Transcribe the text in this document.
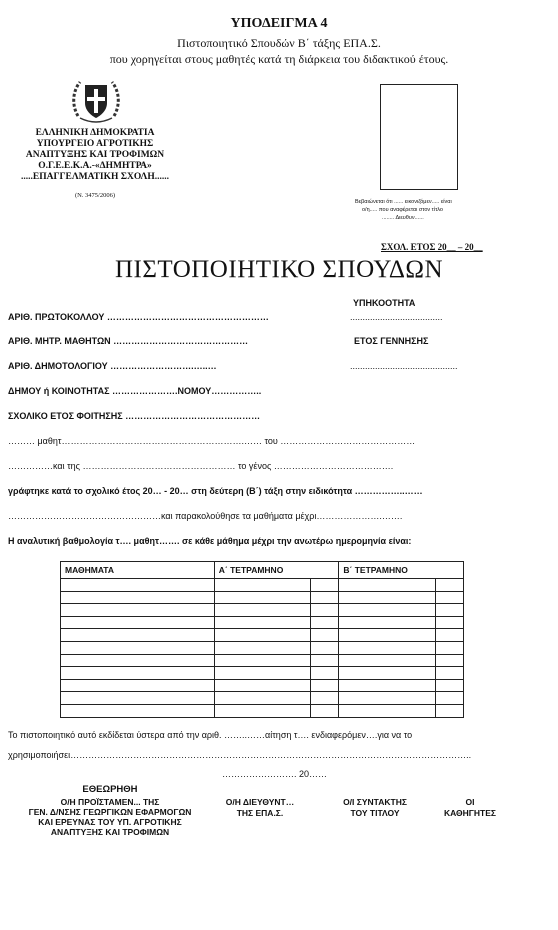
ΥΠΟΔΕΙΓΜΑ 4
Πιστοποιητικό Σπουδών Β΄ τάξης ΕΠΑ.Σ.
που χορηγείται στους μαθητές κατά τη διάρκεια του διδακτικού έτους.
ΕΛΛΗΝΙΚΗ ΔΗΜΟΚΡΑΤΙΑ
ΥΠΟΥΡΓΕΙΟ ΑΓΡΟΤΙΚΗΣ
ΑΝΑΠΤΥΞΗΣ ΚΑΙ ΤΡΟΦΙΜΩΝ
Ο.Γ.Ε.Ε.Κ.Α.-«ΔΗΜΗΤΡΑ»
.....ΕΠΑΓΓΕΛΜΑΤΙΚΗ ΣΧΟΛΗ......
(Ν. 3475/2006)
Βεβαιώνεται ότι ...... εικονιζόμεν..... είναι
ο/η..... που αναφέρεται στον τίτλο
........ Διευθυν......
ΣΧΟΛ. ΕΤΟΣ 20__ – 20__
ΠΙΣΤΟΠΟΙΗΤΙΚΟ ΣΠΟΥΔΩΝ
ΥΠΗΚΟΟΤΗΤΑ
ΑΡΙΘ. ΠΡΩΤΟΚΟΛΛΟΥ ………………………………………………	.....................................
ΑΡΙΘ. ΜΗΤΡ. ΜΑΘΗΤΩΝ ………………………………………	ΕΤΟΣ ΓΕΝΝΗΣΗΣ
ΑΡΙΘ. ΔΗΜΟΤΟΛΟΓΙΟΥ ……………………….…..…	...........................................
ΔΗΜΟΥ ή ΚΟΙΝΟΤΗΤΑΣ ………………….ΝΟΜΟΥ……………..
ΣΧΟΛΙΚΟ ΕΤΟΣ ΦΟΙΤΗΣΗΣ ………………………………………
……… μαθητ…………………………………………………….…… του ………………………………………
……………και της …………………………………………… το γένος ………………………………….
γράφτηκε κατά το σχολικό έτος 20… - 20… στη δεύτερη (Β΄) τάξη στην ειδικότητα ……………..……
……………………………………………και παρακολούθησε τα μαθήματα μέχρι………………….…….
Η αναλυτική βαθμολογία τ…. μαθητ……. σε κάθε μάθημα μέχρι την ανωτέρω ημερομηνία είναι:
ΜΑΘΗΜΑΤΑ	Α΄ ΤΕΤΡΑΜΗΝΟ		Β΄ ΤΕΤΡΑΜΗΝΟ	

Το πιστοποιητικό αυτό εκδίδεται ύστερα από την αριθ. ……..……αίτηση τ…. ενδιαφερόμεν….για να το
χρησιμοποιήσει……………………………………………………………………………………………………………………..
……………………. 20……
ΕΘΕΩΡΗΘΗ
Ο/Η ΠΡΟΪΣΤΑΜΕΝ... ΤΗΣ
ΓΕΝ. Δ/ΝΣΗΣ ΓΕΩΡΓΙΚΩΝ ΕΦΑΡΜΟΓΩΝ
ΚΑΙ ΕΡΕΥΝΑΣ ΤΟΥ ΥΠ. ΑΓΡΟΤΙΚΗΣ
ΑΝΑΠΤΥΞΗΣ ΚΑΙ ΤΡΟΦΙΜΩΝ
Ο/Η ΔΙΕΥΘΥΝΤ…
ΤΗΣ ΕΠΑ.Σ.
Ο/Ι ΣΥΝΤΑΚΤΗΣ
ΤΟΥ ΤΙΤΛΟΥ
ΟΙ
ΚΑΘΗΓΗΤΕΣ
